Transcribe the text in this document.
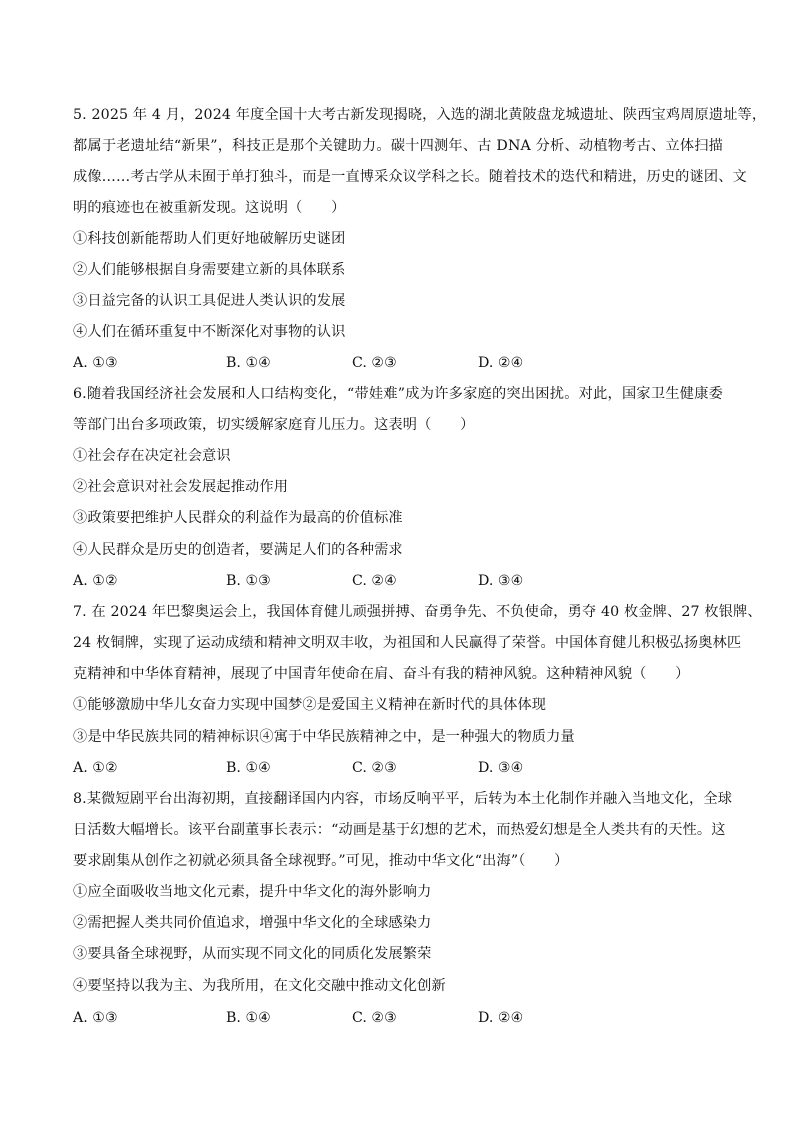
5. 2025 年 4 月，2024 年度全国十大考古新发现揭晓，入选的湖北黄陂盘龙城遗址、陕西宝鸡周原遗址等，
都属于老遗址结“新果”，科技正是那个关键助力。碳十四测年、古 DNA 分析、动植物考古、立体扫描
成像……考古学从未囿于单打独斗，而是一直博采众议学科之长。随着技术的迭代和精进，历史的谜团、文
明的痕迹也在被重新发现。这说明（　　）
①科技创新能帮助人们更好地破解历史谜团
②人们能够根据自身需要建立新的具体联系
③日益完备的认识工具促进人类认识的发展
④人们在循环重复中不断深化对事物的认识
A. ①③	B. ①④	C. ②③	D. ②④
6.随着我国经济社会发展和人口结构变化，“带娃难”成为许多家庭的突出困扰。对此，国家卫生健康委
等部门出台多项政策，切实缓解家庭育儿压力。这表明（　　）
①社会存在决定社会意识
②社会意识对社会发展起推动作用
③政策要把维护人民群众的利益作为最高的价值标准
④人民群众是历史的创造者，要满足人们的各种需求
A. ①②	B. ①③	C. ②④	D. ③④
7. 在 2024 年巴黎奥运会上，我国体育健儿顽强拼搏、奋勇争先、不负使命，勇夺 40 枚金牌、27 枚银牌、
24 枚铜牌，实现了运动成绩和精神文明双丰收，为祖国和人民赢得了荣誉。中国体育健儿积极弘扬奥林匹
克精神和中华体育精神，展现了中国青年使命在肩、奋斗有我的精神风貌。这种精神风貌（　　）
①能够激励中华儿女奋力实现中国梦②是爱国主义精神在新时代的具体体现
③是中华民族共同的精神标识④寓于中华民族精神之中，是一种强大的物质力量
A. ①②	B. ①④	C. ②③	D. ③④
8.某微短剧平台出海初期，直接翻译国内内容，市场反响平平，后转为本土化制作并融入当地文化，全球
日活数大幅增长。该平台副董事长表示：“动画是基于幻想的艺术，而热爱幻想是全人类共有的天性。这
要求剧集从创作之初就必须具备全球视野。”可见，推动中华文化“出海”（　　）
①应全面吸收当地文化元素，提升中华文化的海外影响力
②需把握人类共同价值追求，增强中华文化的全球感染力
③要具备全球视野，从而实现不同文化的同质化发展繁荣
④要坚持以我为主、为我所用，在文化交融中推动文化创新
A. ①③	B. ①④	C. ②③	D. ②④
